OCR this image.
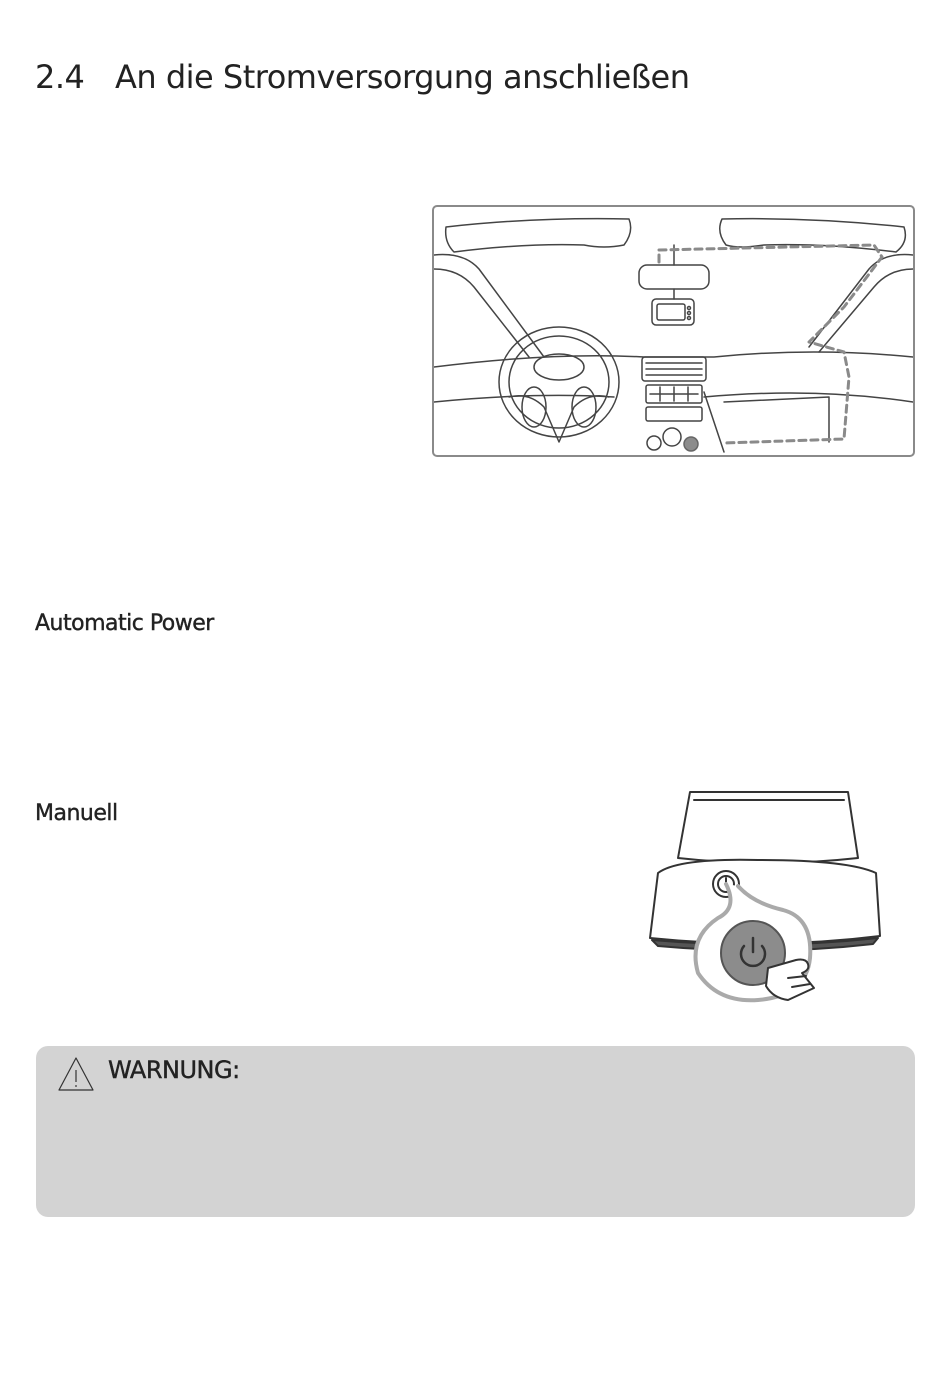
2.4 An die Stromversorgung anschließen
Automatic Power
Manuell
WARNUNG:
